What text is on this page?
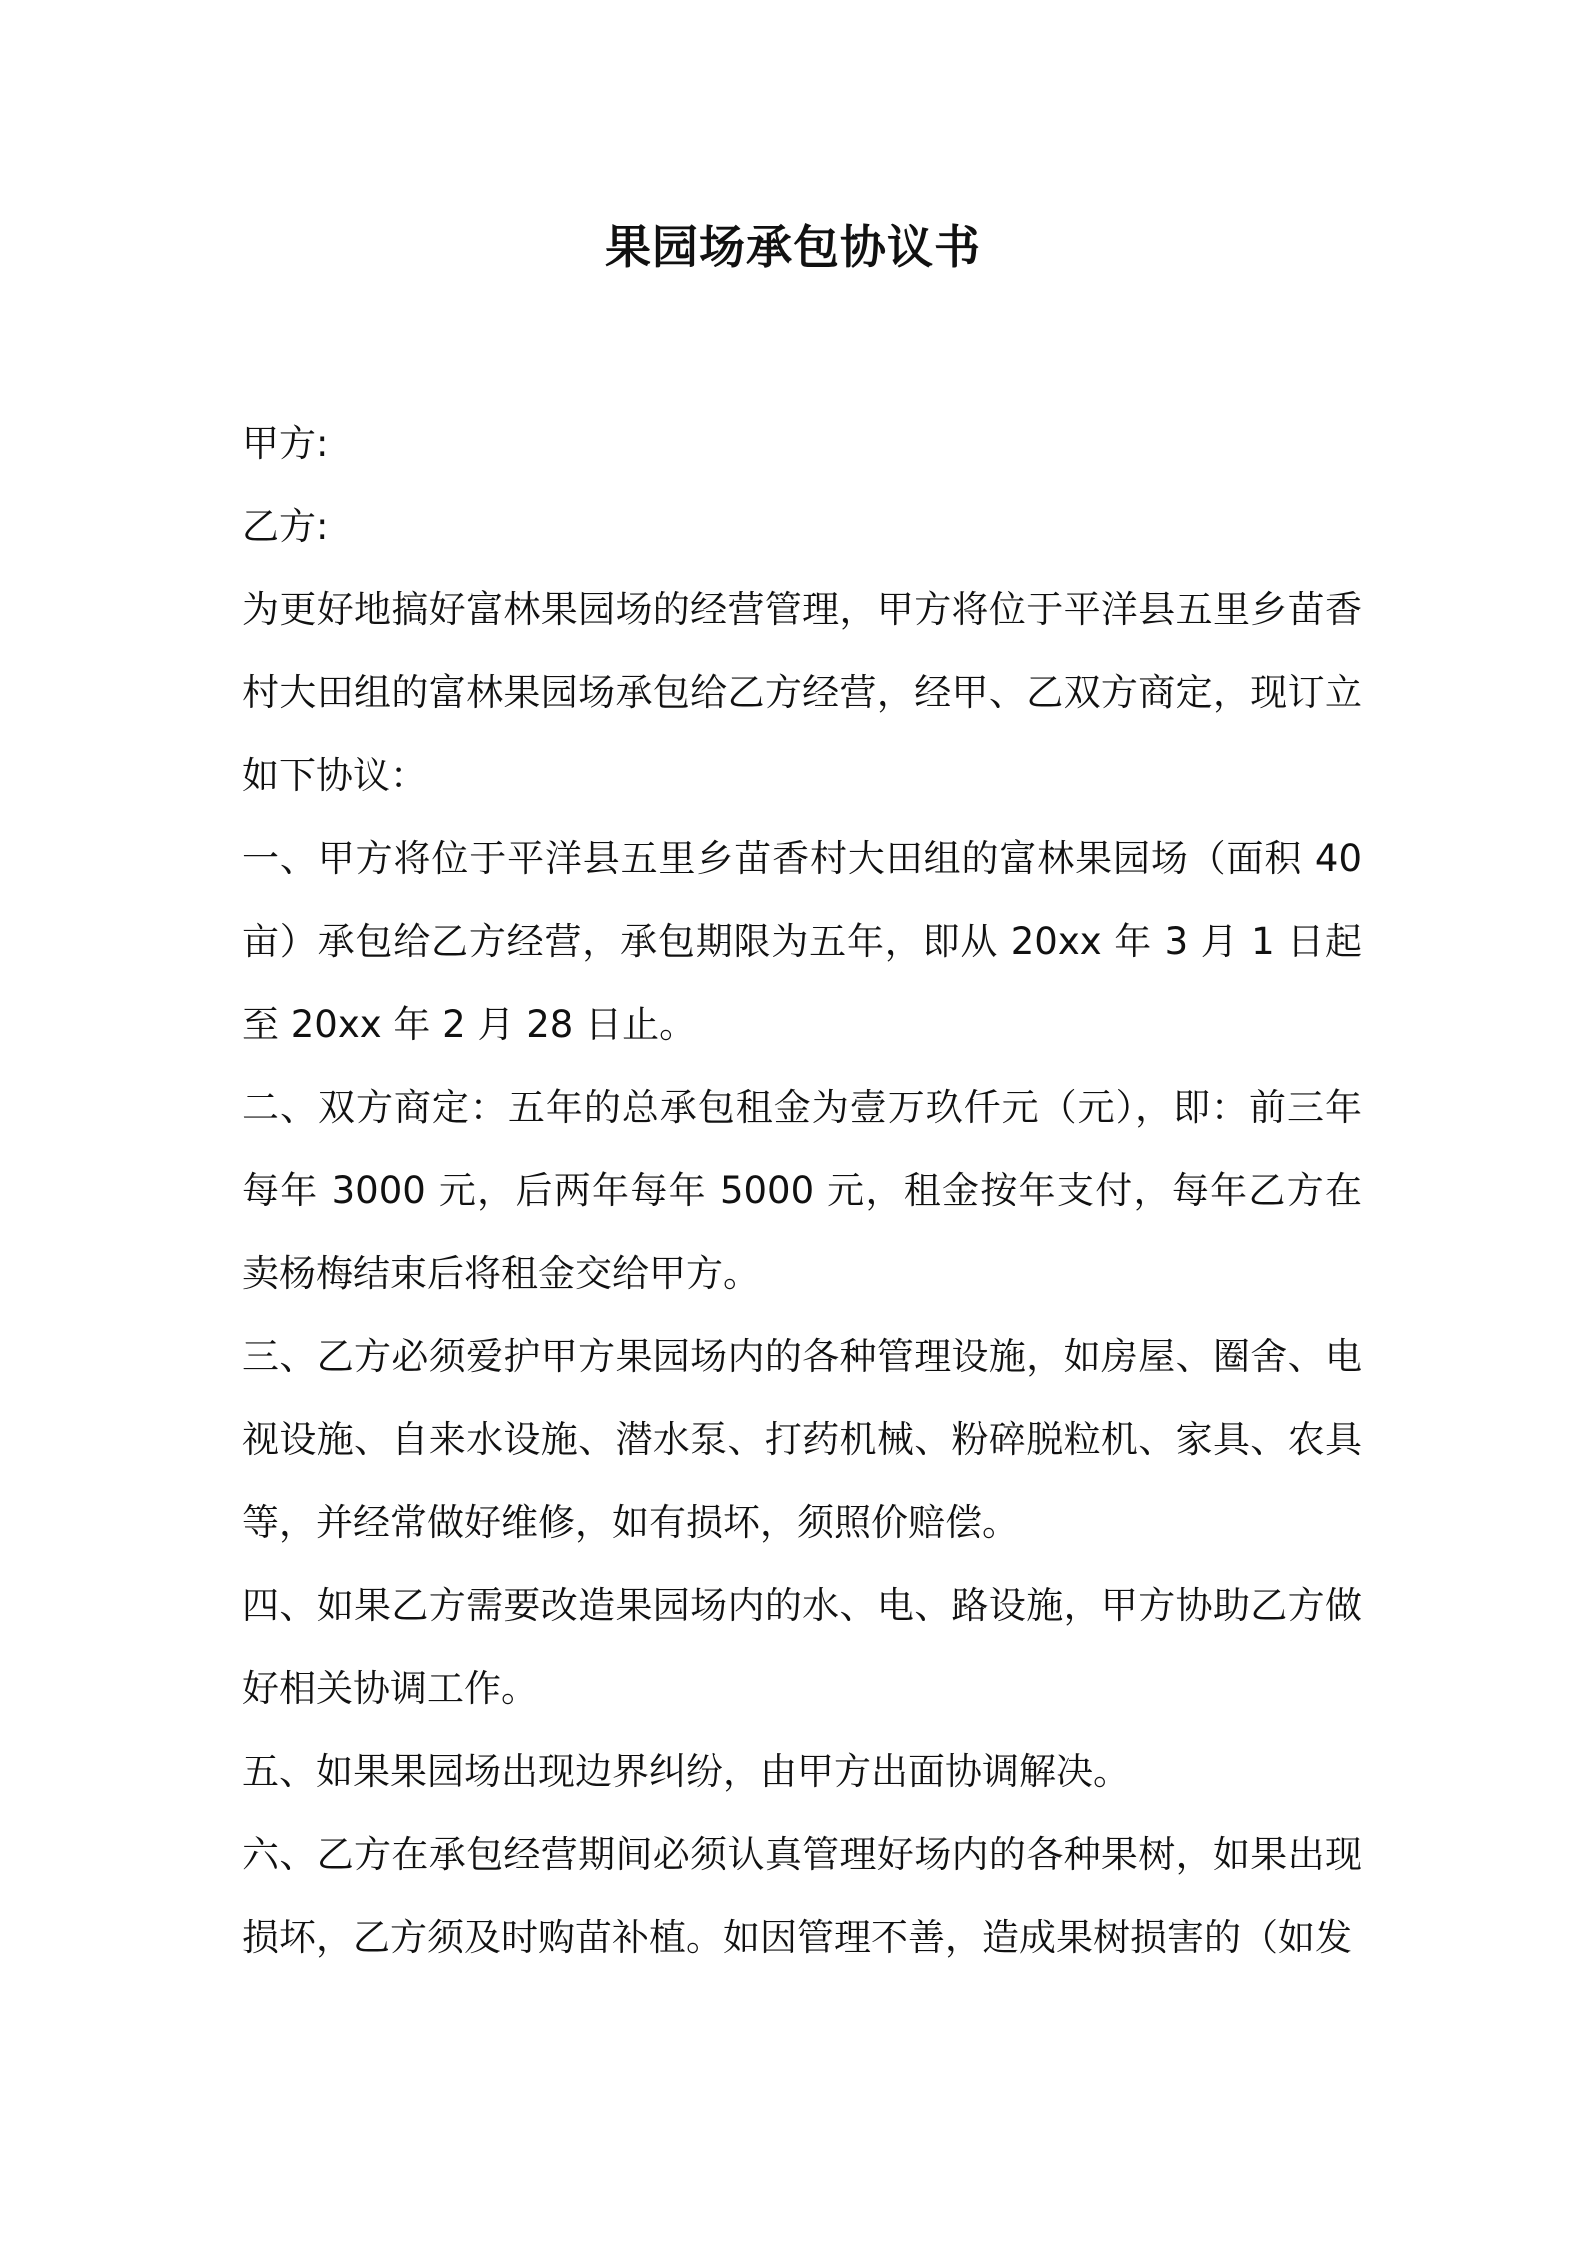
果园场承包协议书

甲方:

乙方:

为更好地搞好富林果园场的经营管理，甲方将位于平洋县五里乡苗香村大田组的富林果园场承包给乙方经营，经甲、乙双方商定，现订立如下协议：

一、甲方将位于平洋县五里乡苗香村大田组的富林果园场（面积 40 亩）承包给乙方经营，承包期限为五年，即从 20xx 年 3 月 1 日起至 20xx 年 2 月 28 日止。

二、双方商定：五年的总承包租金为壹万玖仟元（元），即：前三年每年 3000 元，后两年每年 5000 元，租金按年支付，每年乙方在卖杨梅结束后将租金交给甲方。

三、乙方必须爱护甲方果园场内的各种管理设施，如房屋、圈舍、电视设施、自来水设施、潜水泵、打药机械、粉碎脱粒机、家具、农具等，并经常做好维修，如有损坏，须照价赔偿。

四、如果乙方需要改造果园场内的水、电、路设施，甲方协助乙方做好相关协调工作。

五、如果果园场出现边界纠纷，由甲方出面协调解决。

六、乙方在承包经营期间必须认真管理好场内的各种果树，如果出现损坏，乙方须及时购苗补植。如因管理不善，造成果树损害的（如发
